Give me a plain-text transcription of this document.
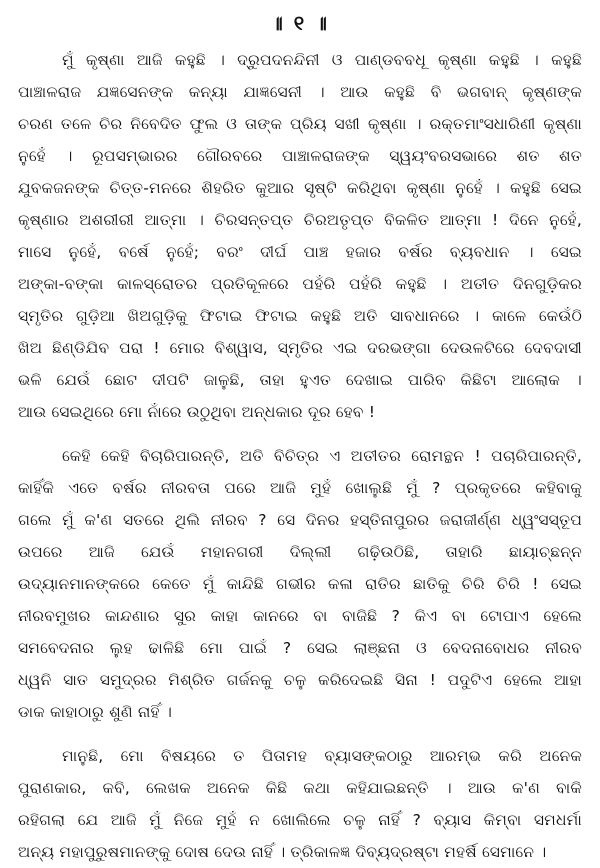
॥ ୧ ॥
ମୁଁ କୃଷ୍ଣା ଆଜି କହୁଛି । ଦ୍ରୁପଦନନ୍ଦିନୀ ଓ ପାଣ୍ଡବବଧୂ କୃଷ୍ଣା କହୁଛି । କହୁଛି
ପାଞ୍ଚାଳରାଜ ଯଜ୍ଞସେନଙ୍କ କନ୍ୟା ଯାଜ୍ଞସେନୀ । ଆଉ କହୁଛି ବି ଭଗବାନ୍ କୃଷ୍ଣଙ୍କ
ଚରଣ ତଳେ ଚିର ନିବେଦିତ ଫୁଲ ଓ ତାଙ୍କ ପ୍ରିୟ ସଖୀ କୃଷ୍ଣା । ରକ୍ତମାଂସଧାରିଣୀ କୃଷ୍ଣା
ନୁହେଁ । ରୂପସମ୍ଭାରର ଗୌରବରେ ପାଞ୍ଚାଳରାଜଙ୍କ ସ୍ୱୟଂବରସଭାରେ ଶତ ଶତ
ଯୁବକଜନଙ୍କ ଚିତ୍ତ-ମନରେ ଶିହରିତ କୁଆର ସୃଷ୍ଟି କରିଥିବା କୃଷ୍ଣା ନୁହେଁ । କହୁଛି ସେଇ
କୃଷ୍ଣାର ଅଶରୀରୀ ଆତ୍ମା । ଚିରସନ୍ତପ୍ତ ଚିରଅତୃପ୍ତ ବିକଳିତ ଆତ୍ମା ! ଦିନେ ନୁହେଁ,
ମାସେ ନୁହେଁ, ବର୍ଷେ ନୁହେଁ; ବରଂ ଦୀର୍ଘ ପାଞ୍ଚ ହଜାର ବର୍ଷର ବ୍ୟବଧାନ । ସେଇ
ଅଙ୍କା-ବଙ୍କା କାଳସ୍ରୋତର ପ୍ରତିକୂଳରେ ପହଁରି ପହଁରି କହୁଛି । ଅତୀତ ଦିନଗୁଡ଼ିକର
ସ୍ମୃତିର ଗୁଡ଼ିଆ ଖିଅଗୁଡ଼ିକୁ ଫିଟାଇ ଫିଟାଇ କହୁଛି ଅତି ସାବଧାନରେ । କାଳେ କେଉଁଠି
ଖିଅ ଛିଣ୍ଡିଯିବ ପରା ! ମୋର ବିଶ୍ୱାସ, ସ୍ମୃତିର ଏଇ ଦରଭଙ୍ଗା ଦେଉଳଟିରେ ଦେବଦାସୀ
ଭଳି ଯେଉଁ ଛୋଟ ଦୀପଟି ଜାଳୁଛି, ତାହା ହୁଏତ ଦେଖାଇ ପାରିବ କିଛିଟା ଆଲୋକ ।
ଆଉ ସେଇଥିରେ ମୋ ନାଁରେ ଉଠୁଥିବା ଅନ୍ଧକାର ଦୂର ହେବ !
କେହି କେହି ବିଚାରିପାରନ୍ତି, ଅତି ବିଚିତ୍ର ଏ ଅତୀତର ରୋମନ୍ଥନ ! ପଚାରିପାରନ୍ତି,
କାହିଁକି ଏତେ ବର୍ଷର ନୀରବତା ପରେ ଆଜି ମୁହଁ ଖୋଲୁଛି ମୁଁ ? ପ୍ରକୃତରେ କହିବାକୁ
ଗଲେ ମୁଁ କ'ଣ ସତରେ ଥିଲି ନୀରବ ? ସେ ଦିନର ହସ୍ତିନାପୁରର ଜରାଜୀର୍ଣ୍ଣ ଧ୍ୱଂସସ୍ତୂପ
ଉପରେ ଆଜି ଯେଉଁ ମହାନଗରୀ ଦିଲ୍ଲୀ ଗଢ଼ିଉଠିଛି, ତାହାରି ଛାୟାଚ୍ଛନ୍ନ
ଉଦ୍ୟାନମାନଙ୍କରେ କେତେ ମୁଁ କାନ୍ଦିଛି ଗଭୀର କଳା ରାତିର ଛାତିକୁ ଚିରି ଚିରି ! ସେଇ
ନୀରବମୁଖର କାନ୍ଦଣାର ସୁର କାହା କାନରେ ବା ବାଜିଛି ? କିଏ ବା ଟୋପାଏ ହେଲେ
ସମବେଦନାର ଲୁହ ଢାଳିଛି ମୋ ପାଇଁ ? ସେଇ ଲାଞ୍ଛନା ଓ ବେଦନାବୋଧର ନୀରବ
ଧ୍ୱନି ସାତ ସମୁଦ୍ରର ମିଶ୍ରିତ ଗର୍ଜନକୁ ଚଳୁ କରିଦେଇଛି ସିନା ! ପଦୁଟିଏ ହେଲେ ଆହା
ଡାକ କାହାଠାରୁ ଶୁଣି ନାହିଁ ।
ମାନୁଛି, ମୋ ବିଷୟରେ ତ ପିତାମହ ବ୍ୟାସଙ୍କଠାରୁ ଆରମ୍ଭ କରି ଅନେକ
ପୁରାଣକାର, କବି, ଲେଖକ ଅନେକ କିଛି କଥା କହିଯାଇଛନ୍ତି । ଆଉ କ'ଣ ବାକି
ରହିଗଲା ଯେ ଆଜି ମୁଁ ନିଜେ ମୁହଁ ନ ଖୋଲିଲେ ଚଳୁ ନାହିଁ ? ବ୍ୟାସ କିମ୍ବା ସମଧର୍ମା
ଅନ୍ୟ ମହାପୁରୁଷମାନଙ୍କୁ ଦୋଷ ଦେଉ ନାହିଁ । ତ୍ରିକାଳଜ୍ଞ ଦିବ୍ୟଦ୍ରଷ୍ଟା ମହର୍ଷି ସେମାନେ ।
